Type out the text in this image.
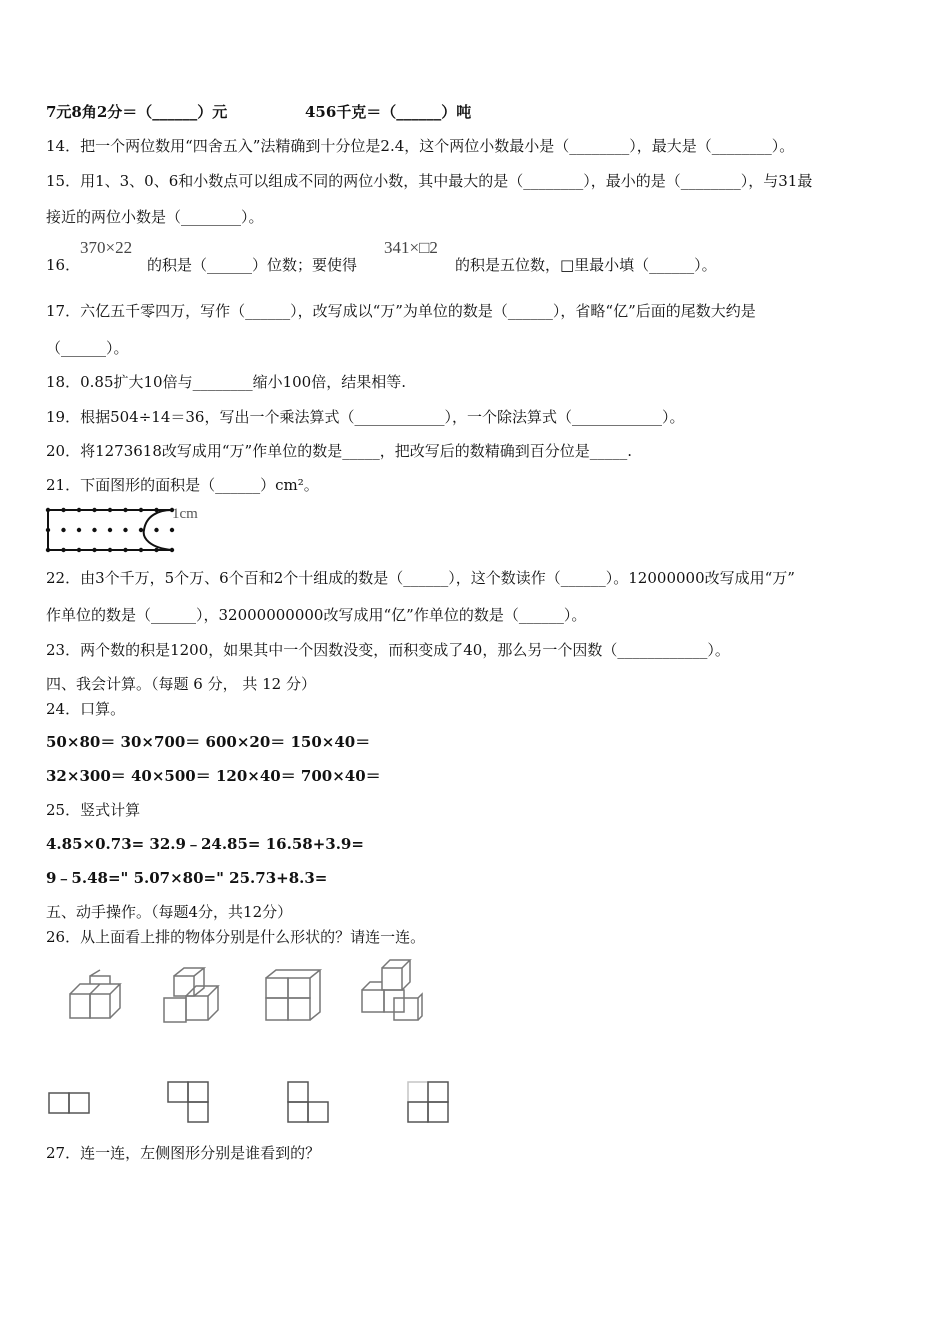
7元8角2分＝（______）元	456千克＝（______）吨
14．把一个两位数用“四舍五入”法精确到十分位是2.4，这个两位小数最小是（________），最大是（________）。
15．用1、3、0、6和小数点可以组成不同的两位小数，其中最大的是（________），最小的是（________），与31最
接近的两位小数是（________）。
16．
370×22
的积是（______）位数；要使得
341×□2
的积是五位数，□里最小填（______）。
17．六亿五千零四万，写作（______），改写成以“万”为单位的数是（______），省略“亿”后面的尾数大约是
（______）。
18．0.85扩大10倍与________缩小100倍，结果相等.
19．根据504÷14＝36，写出一个乘法算式（____________），一个除法算式（____________）。
20．将1273618改写成用“万”作单位的数是_____，把改写后的数精确到百分位是_____.
21．下面图形的面积是（______）cm²。
1cm
22．由3个千万，5个万、6个百和2个十组成的数是（______），这个数读作（______）。12000000改写成用“万”
作单位的数是（______），32000000000改写成用“亿”作单位的数是（______）。
23．两个数的积是1200，如果其中一个因数没变，而积变成了40，那么另一个因数（____________）。
四、我会计算。（每题 6 分， 共 12 分）
24．口算。
50×80＝ 30×700＝ 600×20＝ 150×40＝
32×300＝ 40×500＝ 120×40＝ 700×40＝
25．竖式计算
4.85×0.73= 32.9﹣24.85= 16.58+3.9=
9﹣5.48=" 5.07×80=" 25.73+8.3=
五、动手操作。（每题4分，共12分）
26．从上面看上排的物体分别是什么形状的？请连一连。
27．连一连，左侧图形分别是谁看到的？
